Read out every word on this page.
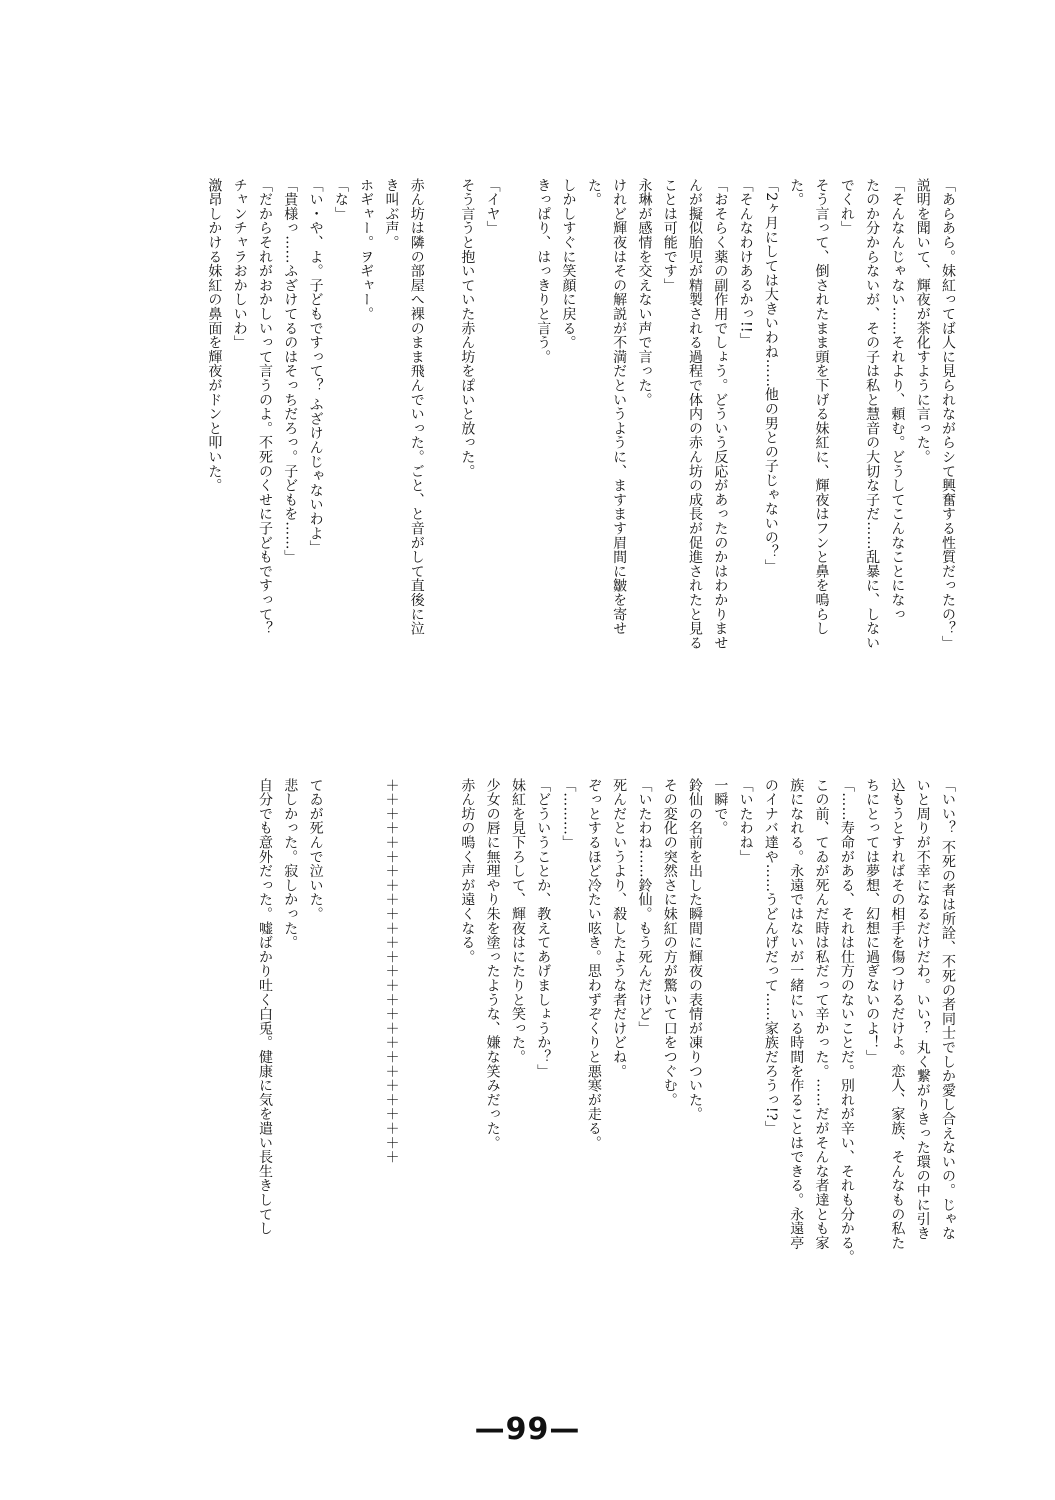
「あらあら。妹紅ってば人に見られながらシて興奮する性質だったの？」
説明を聞いて、輝夜が茶化すように言った。
「そんなんじゃない……それより、頼む。どうしてこんなことになっ
たのか分からないが、その子は私と慧音の大切な子だ……乱暴に、しない
でくれ」
そう言って、倒されたまま頭を下げる妹紅に、輝夜はフンと鼻を鳴らし
た。
「2ヶ月にしては大きいわね……他の男との子じゃないの？」
「そんなわけあるかっ!!」
「おそらく薬の副作用でしょう。どういう反応があったのかはわかりませ
んが擬似胎児が精製される過程で体内の赤ん坊の成長が促進されたと見る
ことは可能です」
永琳が感情を交えない声で言った。
けれど輝夜はその解説が不満だというように、ますます眉間に皺を寄せ
た。
しかしすぐに笑顔に戻る。
きっぱり、はっきりと言う。
「イヤ」
そう言うと抱いていた赤ん坊をぽいと放った。
赤ん坊は隣の部屋へ裸のまま飛んでいった。ごと、と音がして直後に泣
き叫ぶ声。
ホギャー。ヲギャー。
「な」
「い・や、よ。子どもですって？ ふざけんじゃないわよ」
「貴様っ……ふざけてるのはそっちだろっ。子どもを……」
「だからそれがおかしいって言うのよ。不死のくせに子どもですって？
チャンチャラおかしいわ」
激昂しかける妹紅の鼻面を輝夜がドンと叩いた。
「いい？ 不死の者は所詮、不死の者同士でしか愛し合えないの。じゃな
いと周りが不幸になるだけだわ。いい？ 丸く繋がりきった環の中に引き
込もうとすればその相手を傷つけるだけよ。恋人、家族、そんなもの私た
ちにとっては夢想、幻想に過ぎないのよ！」
「……寿命がある、それは仕方のないことだ。別れが辛い、それも分かる。
この前、てゐが死んだ時は私だって辛かった。……だがそんな者達とも家
族になれる。永遠ではないが一緒にいる時間を作ることはできる。永遠亭
のイナバ達や……うどんげだって……家族だろうっ!?」
「いたわね」
一瞬で。
鈴仙の名前を出した瞬間に輝夜の表情が凍りついた。
その変化の突然さに妹紅の方が驚いて口をつぐむ。
「いたわね……鈴仙。もう死んだけど」
死んだというより、殺したような者だけどね。
ぞっとするほど冷たい呟き。思わずぞくりと悪寒が走る。
「………」
「どういうことか、教えてあげましょうか？」
妹紅を見下ろして、輝夜はにたりと笑った。
少女の唇に無理やり朱を塗ったような、嫌な笑みだった。
赤ん坊の鳴く声が遠くなる。
＋＋＋＋＋＋＋＋＋＋＋＋＋＋＋＋＋＋＋＋＋＋＋＋＋＋＋
てゐが死んで泣いた。
悲しかった。寂しかった。
自分でも意外だった。嘘ばかり吐く白兎。健康に気を遣い長生きしてし
—99—
